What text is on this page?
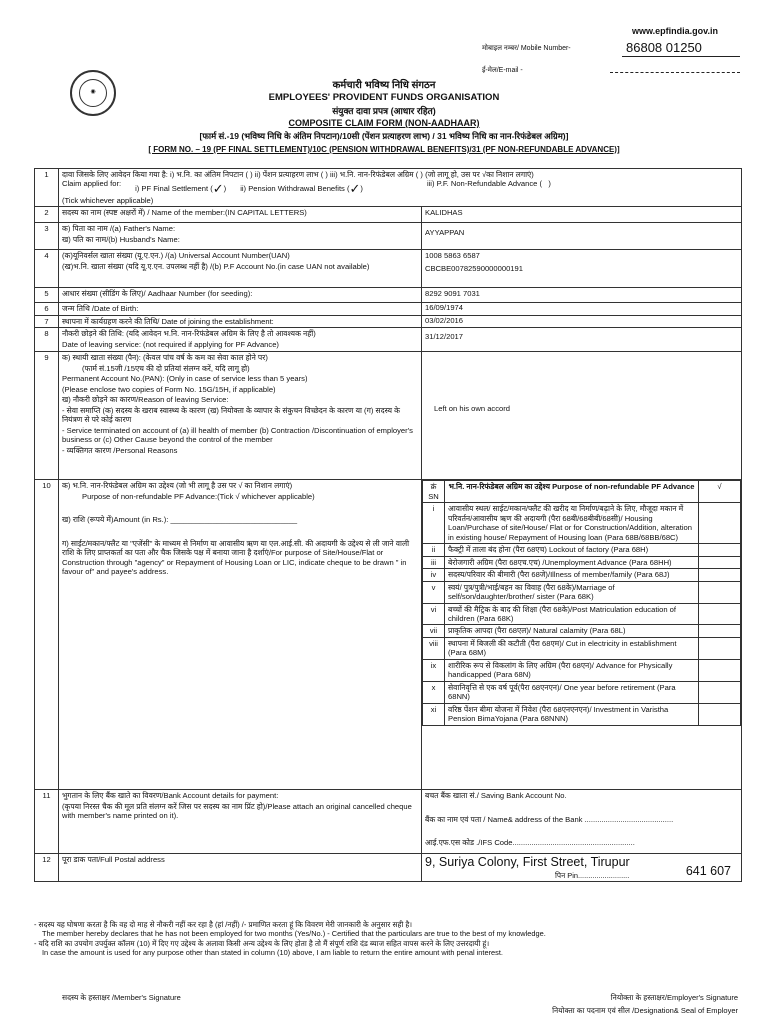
www.epfindia.gov.in
मोबाइल नम्बर/ Mobile Number-	86808 01250
ई-मेल/E-mail -
◉
कर्मचारी भविष्य निधि संगठन
EMPLOYEES' PROVIDENT FUNDS ORGANISATION
संयुक्त दावा प्रपत्र (आधार रहित)
COMPOSITE CLAIM FORM (NON-AADHAAR)
[फार्म सं.-19 (भविष्य निधि के अंतिम निपटान)/10सी (पेंशन प्रत्याहरण लाभ) / 31 भविष्य निधि का नान-रिफंडेबल अग्रिम)]
[ FORM NO. – 19 (PF FINAL SETTLEMENT)/10C (PENSION WITHDRAWAL BENEFITS)/31 (PF NON-REFUNDABLE ADVANCE)]
1	दावा जिसके लिए आवेदन किया गया है: i) भ.नि. का अंतिम निपटान ( ) ii) पेंशन प्रत्याहरण लाभ ( ) iii) भ.नि. नान-रिफंडेबल अग्रिम ( ) (जो लागू हो, उस पर √का निशान लगाएं)
Claim applied for:
i) PF Final Settlement (✓) ii) Pension Withdrawal Benefits (✓)
iii) P.F. Non-Refundable Advance ( )
(Tick whichever applicable)

2	सदस्य का नाम (स्पष्ट अक्षरों में) / Name of the member:(IN CAPITAL LETTERS)	KALIDHAS
3	क) पिता का नाम /(a) Father's Name:

ख) पति का नाम/(b) Husband's Name:

	AYYAPPAN
4	(क)यूनिवर्सल खाता संख्या (यू.ए.एन.) /(a) Universal Account Number(UAN)

(ख)भ.नि. खाता संख्या (यदि यू.ए.एन. उपलब्ध नहीं है) /(b) P.F Account No.(in case UAN not available)

1008 5863 6587
CBCBE00782590000000191

5	आधार संख्या (सीडिंग के लिए)/ Aadhaar Number (for seeding):	8292 9091 7031
6	जन्म तिथि /Date of Birth:	16/09/1974
7	स्थापना में कार्यग्रहण करने की तिथि/ Date of joining the establishment:	03/02/2016
8	नौकरी छोड़ने की तिथि: (यदि आवेदन भ.नि. नान-रिफंडेबल अग्रिम के लिए है तो आवश्यक नहीं)

Date of leaving service: (not required if applying for PF Advance)

	31/12/2017
9	क) स्थायी खाता संख्या (पैन): (केवल पांच वर्ष के कम का सेवा काल होने पर)

(फार्म सं.15जी /15एच की दो प्रतियां संलग्न करें, यदि लागू हो)

Permanent Account No.(PAN): (Only in case of service less than 5 years)

(Please enclose two copies of Form No. 15G/15H, if applicable)

ख) नौकरी छोड़ने का कारण/Reason of leaving Service:

- सेवा समाप्ति (क) सदस्य के खराब स्वास्थ्य के कारण (ख) नियोक्ता के व्यापार के संकुचन विच्छेदन के कारण या (ग) सदस्य के नियंत्रण से परे कोई कारण

- Service terminated on account of (a) ill health of member (b) Contraction /Discontinuation of employer's business or (c) Other Cause beyond the control of the member

- व्यक्तिगत कारण /Personal Reasons

	Left on his own accord
10	क) भ.नि. नान-रिफंडेबल अग्रिम का उद्देश्य (जो भी लागू है उस पर √ का निशान लगाएं)

Purpose of non-refundable PF Advance:(Tick √ whichever applicable)

ख) राशि (रूपये में)Amount (in Rs.): ______________________________

ग) साईट/मकान/फ्लैट या "एजेंसी" के माध्यम से निर्माण या आवासीय ऋण या एल.आई.सी. की अदायगी के उद्देश्य से ली जाने वाली राशि के लिए प्राप्तकर्ता का पता और चैक जिसके पक्ष में बनाया जाना है दर्शाएं/For purpose of Site/House/Flat or Construction through "agency" or Repayment of Housing Loan or LIC, indicate cheque to be drawn " in favour of" and payee's address.

क्रं SN	भ.नि. नान-रिफंडेबल अग्रिम का उद्देश्य Purpose of non-refundable PF Advance	√
i	आवासीय स्थल/ साईट/मकान/फ्लैट की खरीद या निर्माण/बढ़ाने के लिए, मौजूदा मकान में परिवर्तन/आवासीय ऋण की अदायगी (पैरा 68बी/68बीबी/68सी)/ Housing Loan/Purchase of site/House/ Flat or for Construction/Addition, alteration in existing house/ Repayment of Housing loan (Para 68B/68BB/68C)	
ii	फैक्ट्री में ताला बंद होना (पैरा 68एच) Lockout of factory (Para 68H)	
iii	बेरोजगारी अग्रिम (पैरा 68एच.एच) /Unemployment Advance (Para 68HH)	
iv	सदस्य/परिवार की बीमारी (पैरा 68जे)/Illness of member/family (Para 68J)	
v	स्वयं/ पुत्र/पुत्री/भाई/बहन का विवाह (पैरा 68के)/Marriage of self/son/daughter/brother/ sister (Para 68K)	
vi	बच्चों की मैट्रिक के बाद की शिक्षा (पैरा 68के)/Post Matriculation education of children (Para 68K)	
vii	प्राकृतिक आपदा (पैरा 68एल)/ Natural calamity (Para 68L)	
viii	स्थापना में बिजली की कटौती (पैरा 68एम)/ Cut in electricity in establishment (Para 68M)	
ix	शारीरिक रूप से विकलांग के लिए अग्रिम (पैरा 68एन)/ Advance for Physically handicapped (Para 68N)	
x	सेवानिवृत्ति से एक वर्ष पूर्व(पैरा 68एनएन)/ One year before retirement (Para 68NN)	
xi	वरिष्ठ पेंशन बीमा योजना में निवेश (पैरा 68एनएनएन)/ Investment in Varistha Pension BimaYojana (Para 68NNN)	

11	भुगतान के लिए बैंक खाते का विवरण/Bank Account details for payment:

(कृपया निरस्त चैक की मूल प्रति संलग्न करें जिस पर सदस्य का नाम प्रिंट हो)/Please attach an original cancelled cheque with member's name printed on it).

बचत बैंक खाता सं./ Saving Bank Account No.
बैंक का नाम एवं पता / Name& address of the Bank ..........................................
आई.एफ.एस कोड ./IFS Code..........................................................

12	पूरा डाक पता/Full Postal address	9, Suriya Colony, First Street, Tirupur
पिन Pin.........................	641 607
- सदस्य यह घोषणा करता है कि वह दो माह से नौकरी नहीं कर रहा है (हां /नहीं) /- प्रमाणित करता हूं कि विवरण मेरी जानकारी के अनुसार सही है।
The member hereby declares that he has not been employed for two months (Yes/No.) - Certified that the particulars are true to the best of my knowledge.
- यदि राशि का उपयोग उपर्युक्त कॉलम (10) में दिए गए उद्देश्य के अलावा किसी अन्य उद्देश्य के लिए होता है तो मैं संपूर्ण राशि दंड ब्याज सहित वापस करने के लिए उत्तरदायी हूं।
In case the amount is used for any purpose other than stated in column (10) above, I am liable to return the entire amount with penal interest.
सदस्य के हस्ताक्षर /Member's Signature	नियोक्ता के हस्ताक्षर/Employer's Signature
नियोक्ता का पदनाम एवं सील /Designation& Seal of Employer
